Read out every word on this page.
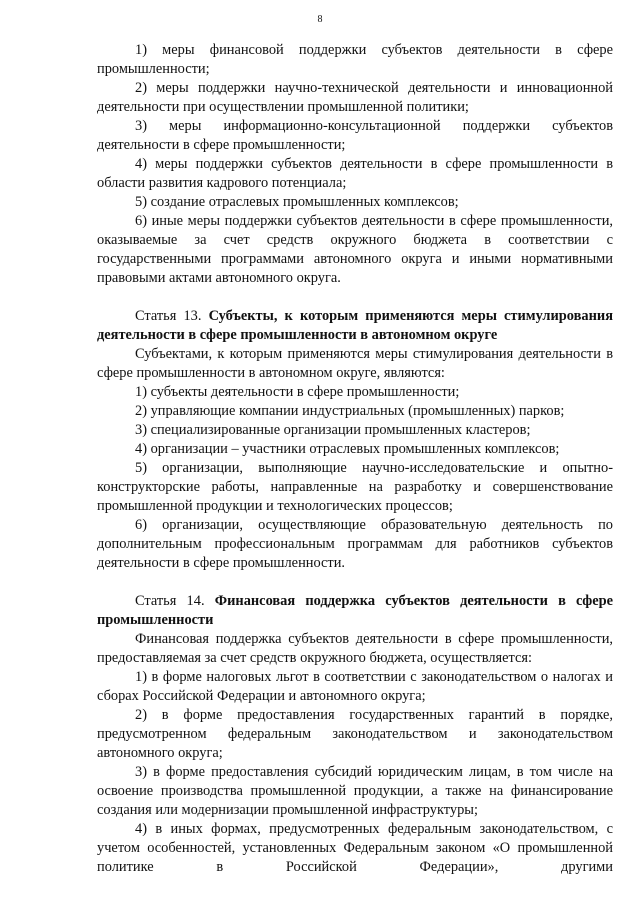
8

1) меры финансовой поддержки субъектов деятельности в сфере промышленности;

2) меры поддержки научно-технической деятельности и инновационной деятельности при осуществлении промышленной политики;

3) меры информационно-консультационной поддержки субъектов деятельности в сфере промышленности;

4) меры поддержки субъектов деятельности в сфере промышленности в области развития кадрового потенциала;

5) создание отраслевых промышленных комплексов;

6) иные меры поддержки субъектов деятельности в сфере промышленности, оказываемые за счет средств окружного бюджета в соответствии с государственными программами автономного округа и иными нормативными правовыми актами автономного округа.

Статья 13. Субъекты, к которым применяются меры стимулирования деятельности в сфере промышленности в автономном округе

Субъектами, к которым применяются меры стимулирования деятельности в сфере промышленности в автономном округе, являются:

1) субъекты деятельности в сфере промышленности;

2) управляющие компании индустриальных (промышленных) парков;

3) специализированные организации промышленных кластеров;

4) организации – участники отраслевых промышленных комплексов;

5) организации, выполняющие научно-исследовательские и опытно-конструкторские работы, направленные на разработку и совершенствование промышленной продукции и технологических процессов;

6) организации, осуществляющие образовательную деятельность по дополнительным профессиональным программам для работников субъектов деятельности в сфере промышленности.

Статья 14. Финансовая поддержка субъектов деятельности в сфере промышленности

Финансовая поддержка субъектов деятельности в сфере промышленности, предоставляемая за счет средств окружного бюджета, осуществляется:

1) в форме налоговых льгот в соответствии с законодательством о налогах и сборах Российской Федерации и автономного округа;

2) в форме предоставления государственных гарантий в порядке, предусмотренном федеральным законодательством и законодательством автономного округа;

3) в форме предоставления субсидий юридическим лицам, в том числе на освоение производства промышленной продукции, а также на финансирование создания или модернизации промышленной инфраструктуры;

4) в иных формах, предусмотренных федеральным законодательством, с учетом особенностей, установленных Федеральным законом «О промышленной политике в Российской Федерации», другими
